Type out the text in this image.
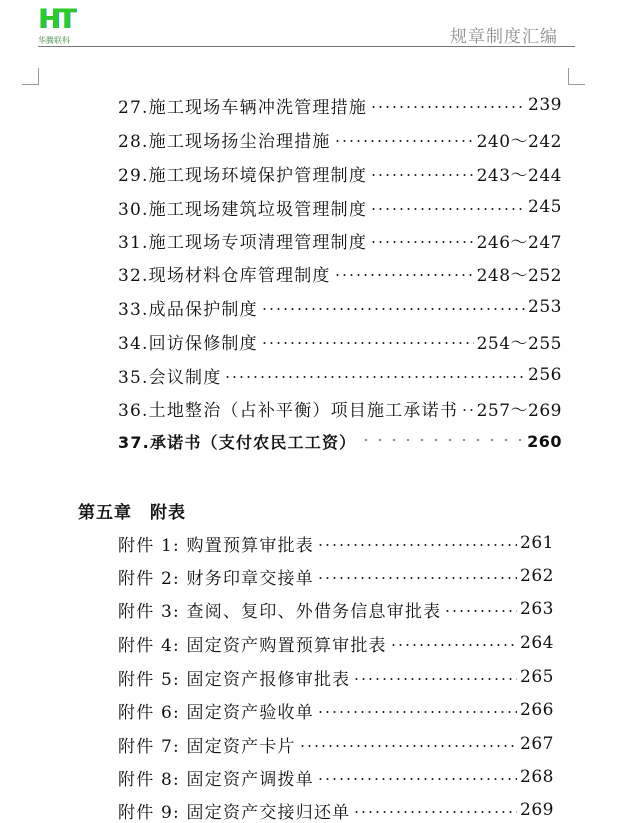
HT
华腾联科	规章制度汇编
27.施工现场车辆冲洗管理措施	239
28.施工现场扬尘治理措施	240～242
29.施工现场环境保护管理制度	243～244
30.施工现场建筑垃圾管理制度	245
31.施工现场专项清理管理制度	246～247
32.现场材料仓库管理制度	248～252
33.成品保护制度	253
34.回访保修制度	254～255
35.会议制度	256
36.土地整治（占补平衡）项目施工承诺书 257～269
37.承诺书（支付农民工工资）	260
第五章　附表
附件 1: 购置预算审批表	261
附件 2: 财务印章交接单	262
附件 3: 查阅、复印、外借务信息审批表	263
附件 4: 固定资产购置预算审批表	264
附件 5: 固定资产报修审批表	265
附件 6: 固定资产验收单	266
附件 7: 固定资产卡片	267
附件 8: 固定资产调拨单	268
附件 9: 固定资产交接归还单	269
